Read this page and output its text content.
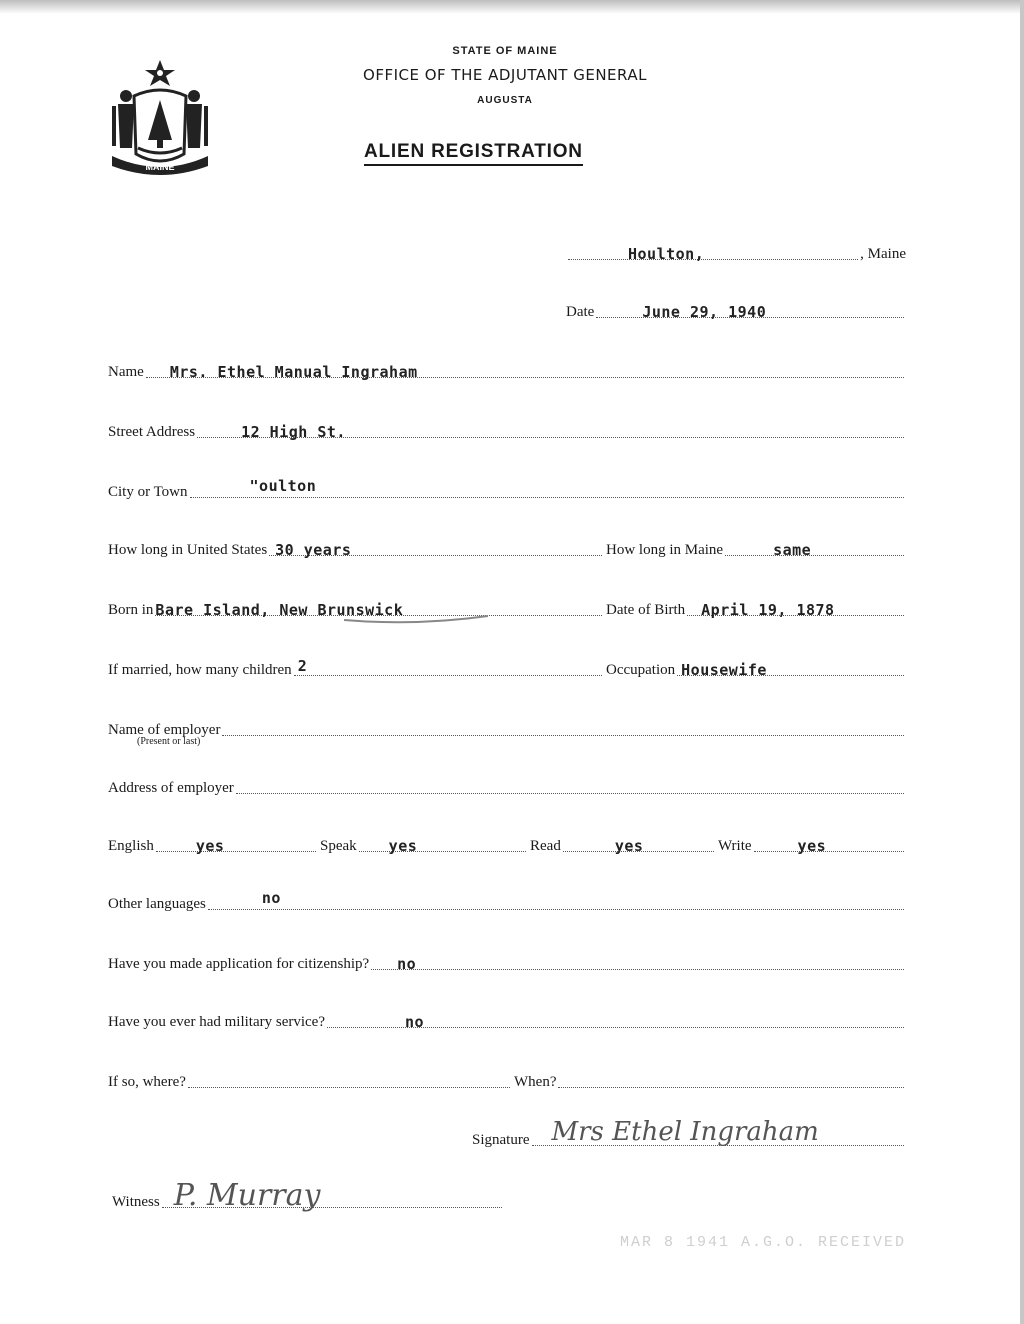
MAINE
STATE OF MAINE
OFFICE OF THE ADJUTANT GENERAL
AUGUSTA
ALIEN REGISTRATION
Houlton,	, Maine
Date	June 29, 1940
Name Mrs. Ethel Manual Ingraham
Street Address	12 High St.
City or Town	"oulton
How long in United States 30 years	How long in Maine	same
Born in Bare Island, New Brunswick	Date of Birth April 19, 1878
If married, how many children 2	Occupation Housewife
Name of employer
(Present or last)
Address of employer
English	yes	Speak yes	Read	yes	Write	yes
Other languages	no
Have you made application for citizenship? no
Have you ever had military service?	no
If so, where?	When?
Signature Mrs Ethel Ingraham
Witness P. Murray
MAR 8 1941 A.G.O. RECEIVED
